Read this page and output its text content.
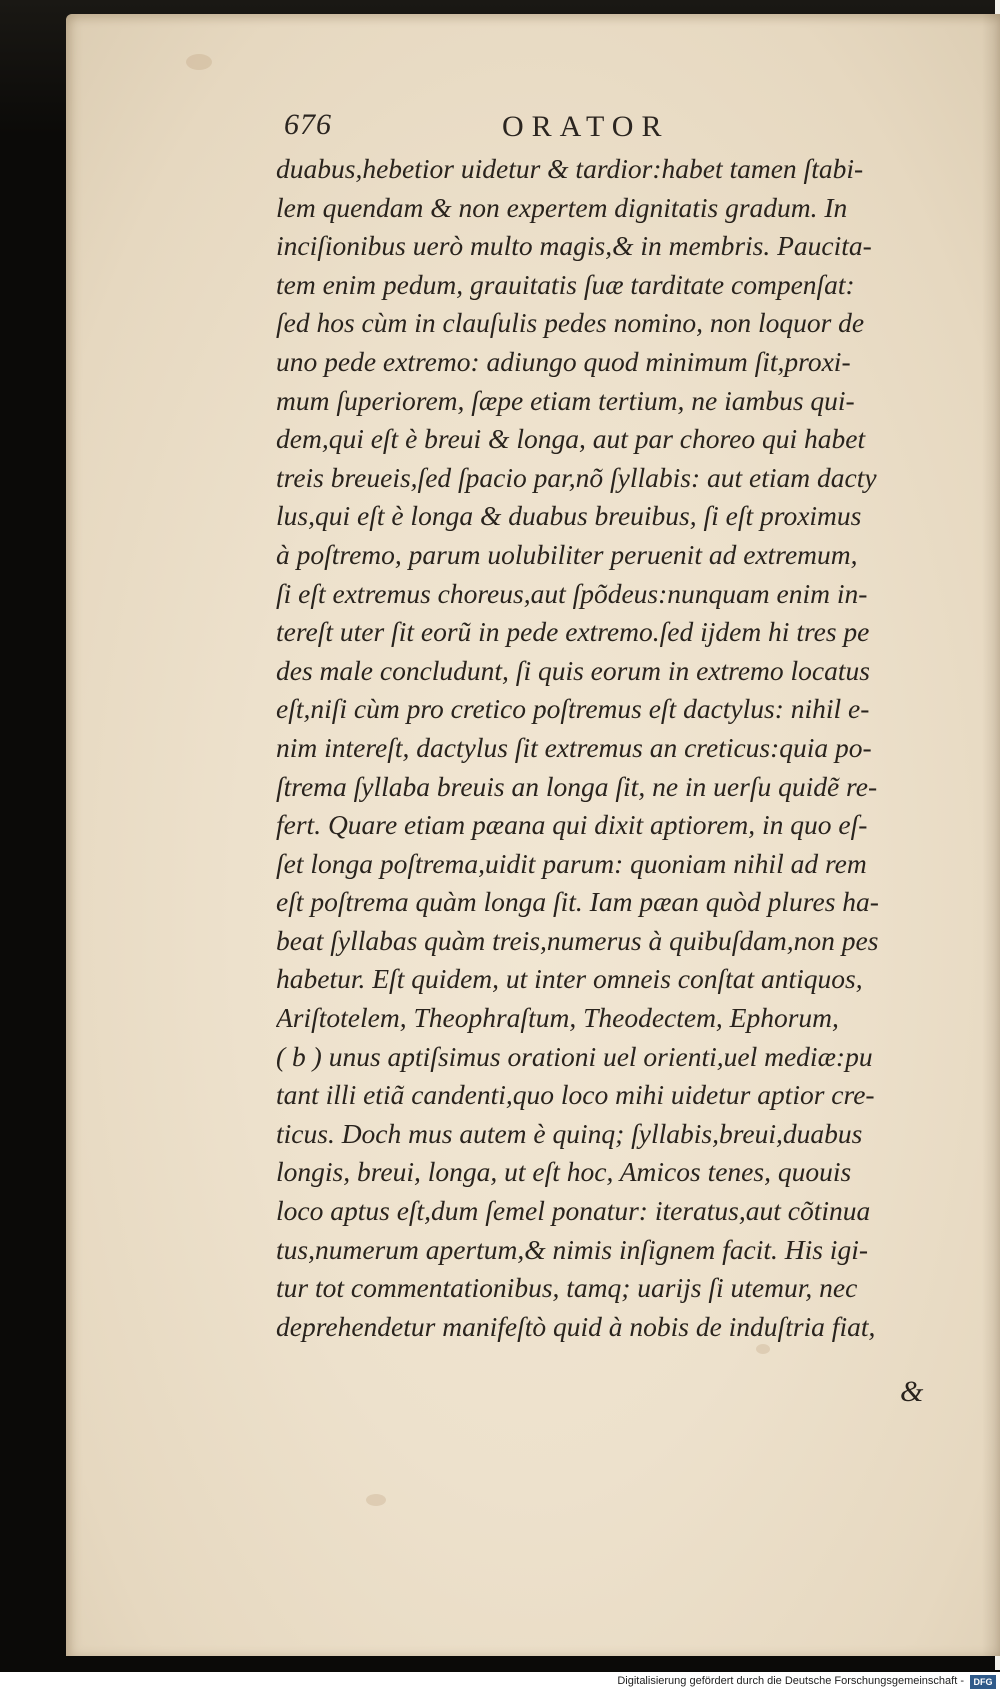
676	ORATOR
duabus,hebetior uidetur & tardior:habet tamen ſtabi-
lem quendam & non expertem dignitatis gradum. In
inciſionibus uerò multo magis,& in membris. Paucita-
tem enim pedum, grauitatis ſuæ tarditate compenſat:
ſed hos cùm in clauſulis pedes nomino, non loquor de
uno pede extremo: adiungo quod minimum ſit,proxi-
mum ſuperiorem, ſæpe etiam tertium, ne iambus qui-
dem,qui eſt è breui & longa, aut par choreo qui habet
treis breueis,ſed ſpacio par,nõ ſyllabis: aut etiam dacty
lus,qui eſt è longa & duabus breuibus, ſi eſt proximus
à poſtremo, parum uolubiliter peruenit ad extremum,
ſi eſt extremus choreus,aut ſpõdeus:nunquam enim in-
tereſt uter ſit eorũ in pede extremo.ſed ijdem hi tres pe
des male concludunt, ſi quis eorum in extremo locatus
eſt,niſi cùm pro cretico poſtremus eſt dactylus: nihil e-
nim intereſt, dactylus ſit extremus an creticus:quia po-
ſtrema ſyllaba breuis an longa ſit, ne in uerſu quidẽ re-
fert. Quare etiam pæana qui dixit aptiorem, in quo eſ-
ſet longa poſtrema,uidit parum: quoniam nihil ad rem
eſt poſtrema quàm longa ſit. Iam pæan quòd plures ha-
beat ſyllabas quàm treis,numerus à quibuſdam,non pes
habetur. Eſt quidem, ut inter omneis conſtat antiquos,
Ariſtotelem, Theophraſtum, Theodectem, Ephorum,
( b ) unus aptiſsimus orationi uel orienti,uel mediæ:pu
tant illi etiã candenti,quo loco mihi uidetur aptior cre-
ticus. Doch mus autem è quinq; ſyllabis,breui,duabus
longis, breui, longa, ut eſt hoc, Amicos tenes, quouis
loco aptus eſt,dum ſemel ponatur: iteratus,aut cõtinua
tus,numerum apertum,& nimis inſignem facit. His igi-
tur tot commentationibus, tamq; uarijs ſi utemur, nec
deprehendetur manifeſtò quid à nobis de induſtria fiat,
&
Digitalisierung gefördert durch die Deutsche Forschungsgemeinschaft -	DFG
